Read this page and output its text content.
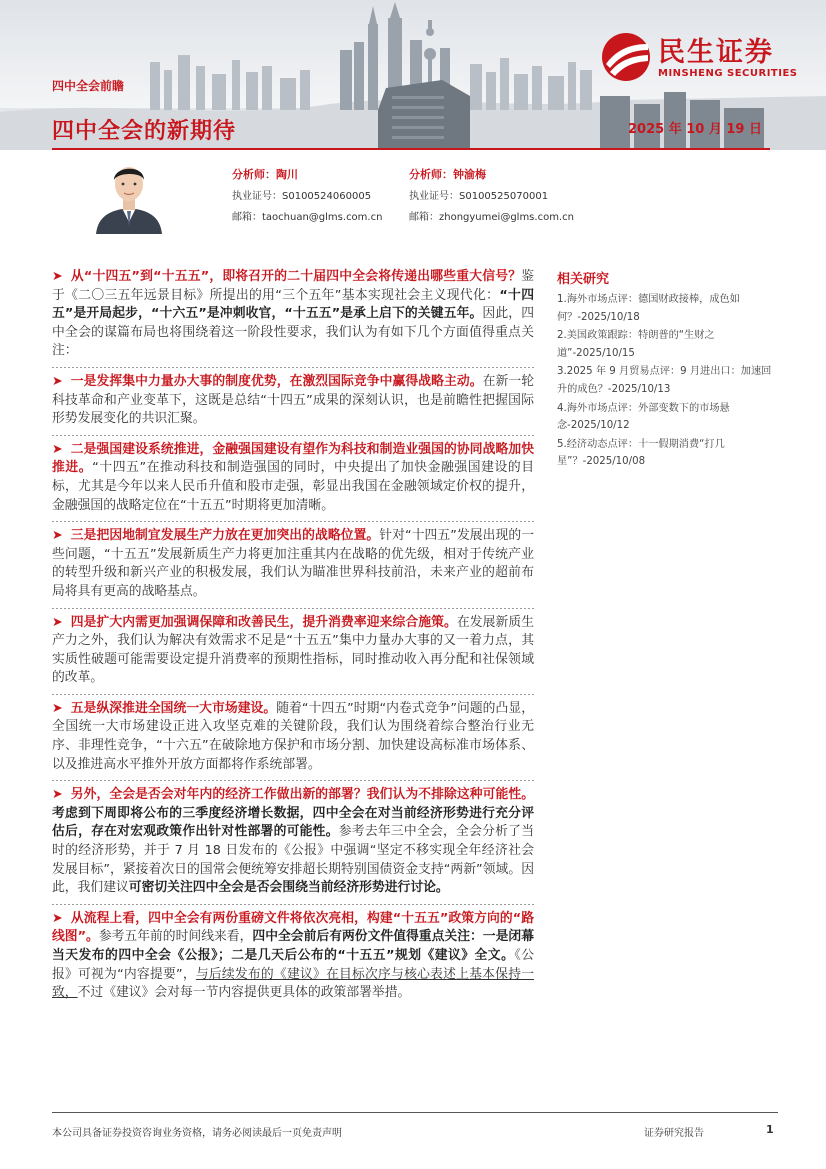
四中全会前瞻
四中全会的新期待	2025 年 10 月 19 日
民生证券
MINSHENG SECURITIES
分析师：陶川
执业证号：S0100524060005
邮箱：taochuan@glms.com.cn
分析师：钟渝梅
执业证号：S0100525070001
邮箱：zhongyumei@glms.com.cn

➤ 从“十四五”到“十五五”，即将召开的二十届四中全会将传递出哪些重大信号？鉴于《二〇三五年远景目标》所提出的用“三个五年”基本实现社会主义现代化：“十四五”是开局起步，“十六五”是冲刺收官，“十五五”是承上启下的关键五年。因此，四中全会的谋篇布局也将围绕着这一阶段性要求，我们认为有如下几个方面值得重点关注：

➤ 一是发挥集中力量办大事的制度优势，在激烈国际竞争中赢得战略主动。在新一轮科技革命和产业变革下，这既是总结“十四五”成果的深刻认识，也是前瞻性把握国际形势发展变化的共识汇聚。

➤ 二是强国建设系统推进，金融强国建设有望作为科技和制造业强国的协同战略加快推进。“十四五”在推动科技和制造强国的同时，中央提出了加快金融强国建设的目标，尤其是今年以来人民币升值和股市走强，彰显出我国在金融领域定价权的提升，金融强国的战略定位在“十五五”时期将更加清晰。

➤ 三是把因地制宜发展生产力放在更加突出的战略位置。针对“十四五”发展出现的一些问题，“十五五”发展新质生产力将更加注重其内在战略的优先级，相对于传统产业的转型升级和新兴产业的积极发展，我们认为瞄准世界科技前沿，未来产业的超前布局将具有更高的战略基点。

➤ 四是扩大内需更加强调保障和改善民生，提升消费率迎来综合施策。在发展新质生产力之外，我们认为解决有效需求不足是“十五五”集中力量办大事的又一着力点，其实质性破题可能需要设定提升消费率的预期性指标，同时推动收入再分配和社保领域的改革。

➤ 五是纵深推进全国统一大市场建设。随着“十四五”时期“内卷式竞争”问题的凸显，全国统一大市场建设正进入攻坚克难的关键阶段，我们认为围绕着综合整治行业无序、非理性竞争，“十六五”在破除地方保护和市场分割、加快建设高标准市场体系、以及推进高水平推外开放方面都将作系统部署。

➤ 另外，全会是否会对年内的经济工作做出新的部署？我们认为不排除这种可能性。考虑到下周即将公布的三季度经济增长数据，四中全会在对当前经济形势进行充分评估后，存在对宏观政策作出针对性部署的可能性。参考去年三中全会，全会分析了当时的经济形势，并于 7 月 18 日发布的《公报》中强调“坚定不移实现全年经济社会发展目标”，紧接着次日的国常会便统筹安排超长期特别国债资金支持“两新”领域。因此，我们建议可密切关注四中全会是否会围绕当前经济形势进行讨论。

➤ 从流程上看，四中全会有两份重磅文件将依次亮相，构建“十五五”政策方向的“路线图”。参考五年前的时间线来看，四中全会前后有两份文件值得重点关注：一是闭幕当天发布的四中全会《公报》；二是几天后公布的“十五五”规划《建议》全文。《公报》可视为“内容提要”，与后续发布的《建议》在目标次序与核心表述上基本保持一致，不过《建议》会对每一节内容提供更具体的政策部署举措。

相关研究
1.海外市场点评：德国财政接棒，成色如何？-2025/10/18
2.美国政策跟踪：特朗普的“生财之道”-2025/10/15
3.2025 年 9 月贸易点评：9 月进出口：加速回升的成色？-2025/10/13
4.海外市场点评：外部变数下的市场悬念-2025/10/12
5.经济动态点评：十一假期消费“打几星”？-2025/10/08
本公司具备证券投资咨询业务资格，请务必阅读最后一页免责声明	证券研究报告	1
